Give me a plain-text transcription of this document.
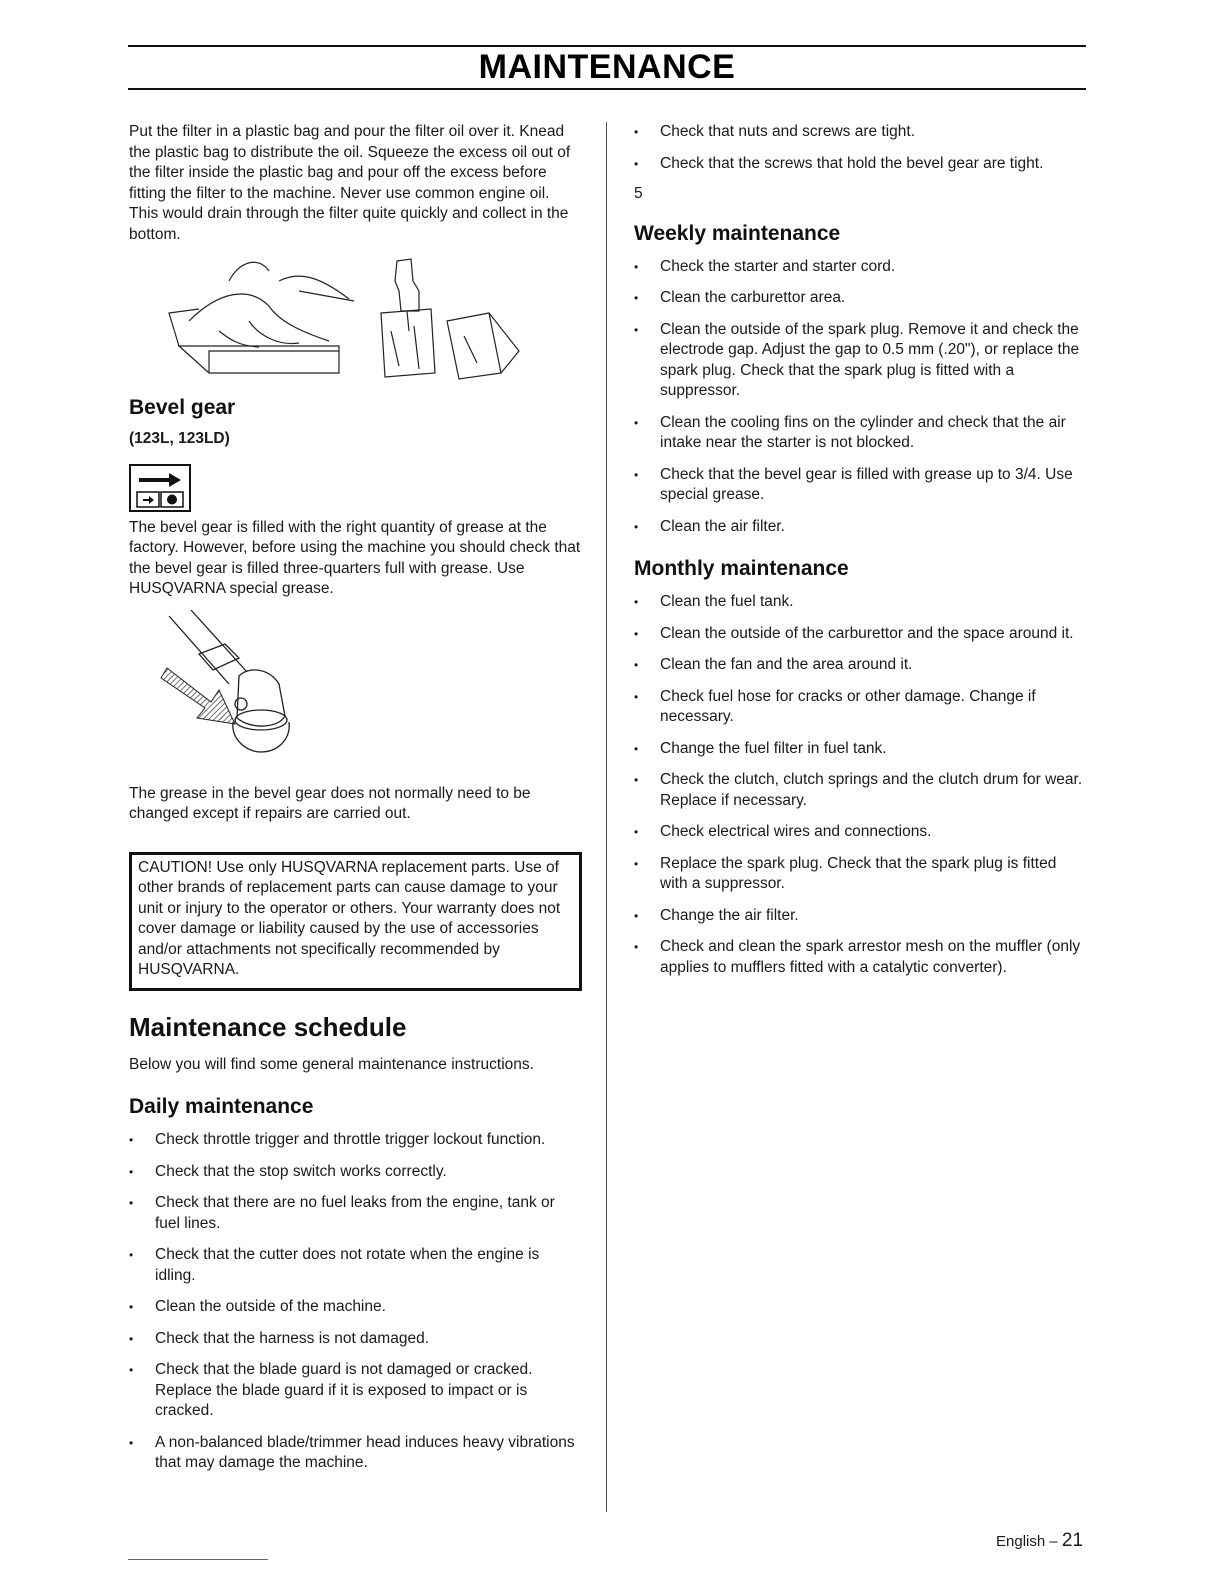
MAINTENANCE

Put the filter in a plastic bag and pour the filter oil over it. Knead the plastic bag to distribute the oil. Squeeze the excess oil out of the filter inside the plastic bag and pour off the excess before fitting the filter to the machine. Never use common engine oil. This would drain through the filter quite quickly and collect in the bottom.

Bevel gear

(123L, 123LD)

The bevel gear is filled with the right quantity of grease at the factory. However, before using the machine you should check that the bevel gear is filled three-quarters full with grease. Use HUSQVARNA special grease.

The grease in the bevel gear does not normally need to be changed except if repairs are carried out.

CAUTION! Use only HUSQVARNA replacement parts. Use of other brands of replacement parts can cause damage to your unit or injury to the operator or others. Your warranty does not cover damage or liability caused by the use of accessories and/or attachments not specifically recommended by HUSQVARNA.

Maintenance schedule

Below you will find some general maintenance instructions.

Daily maintenance
• Check throttle trigger and throttle trigger lockout function.
• Check that the stop switch works correctly.
• Check that there are no fuel leaks from the engine, tank or fuel lines.
• Check that the cutter does not rotate when the engine is idling.
• Clean the outside of the machine.
• Check that the harness is not damaged.
• Check that the blade guard is not damaged or cracked. Replace the blade guard if it is exposed to impact or is cracked.
• A non-balanced blade/trimmer head induces heavy vibrations that may damage the machine.
• Check that nuts and screws are tight.
• Check that the screws that hold the bevel gear are tight.

5

Weekly maintenance
• Check the starter and starter cord.
• Clean the carburettor area.
• Clean the outside of the spark plug. Remove it and check the electrode gap. Adjust the gap to 0.5 mm (.20"), or replace the spark plug. Check that the spark plug is fitted with a suppressor.
• Clean the cooling fins on the cylinder and check that the air intake near the starter is not blocked.
• Check that the bevel gear is filled with grease up to 3/4. Use special grease.
• Clean the air filter.
Monthly maintenance
• Clean the fuel tank.
• Clean the outside of the carburettor and the space around it.
• Clean the fan and the area around it.
• Check fuel hose for cracks or other damage. Change if necessary.
• Change the fuel filter in fuel tank.
• Check the clutch, clutch springs and the clutch drum for wear. Replace if necessary.
• Check electrical wires and connections.
• Replace the spark plug. Check that the spark plug is fitted with a suppressor.
• Change the air filter.
• Check and clean the spark arrestor mesh on the muffler (only applies to mufflers fitted with a catalytic converter).
English – 21
